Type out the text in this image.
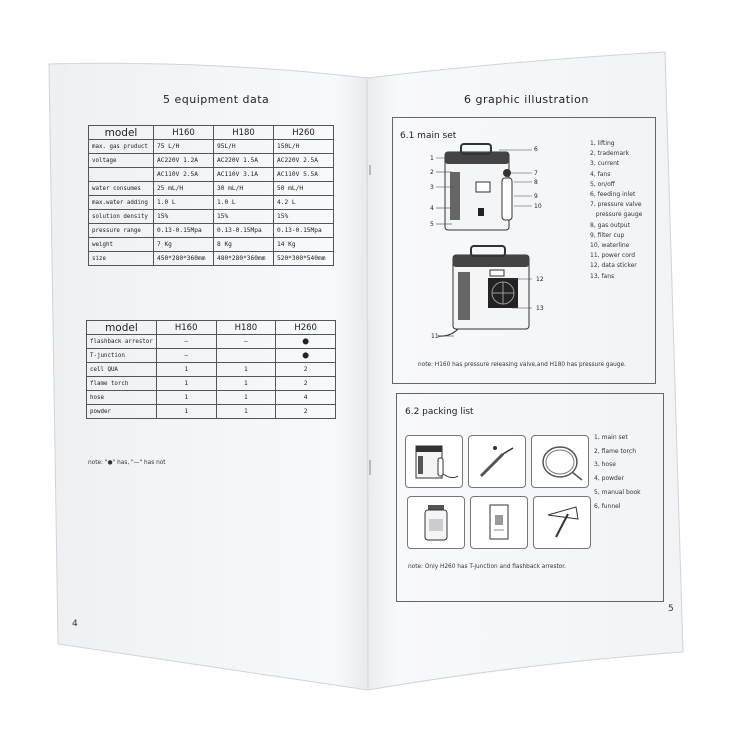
5 equipment data
model	H160	H180	H260
max. gas pruduct	75 L/H	95L/H	150L/H
voltage	AC220V 1.2A	AC220V 1.5A	AC220V 2.5A
	AC110V 2.5A	AC110V 3.1A	AC110V 5.5A
water consumes	25 mL/H	30 mL/H	50 mL/H
max.water adding	1.0 L	1.0 L	4.2 L
solution density	15%	15%	15%
pressure range	0.13-0.15Mpa	0.13-0.15Mpa	0.13-0.15Mpa
weight	7 Kg	8 Kg	14 Kg
size	450*280*360mm	480*280*360mm	520*300*540mm
model	H160	H180	H260
flashback arrestor	—	—	●
T-junction	—		●
cell QUA	1	1	2
flame torch	1	1	2
hose	1	1	4
powder	1	1	2
note: "●" has, "—" has not
4
6 graphic illustration
6.1 main set
1
2
3
4
5
6
7
8
9
10
11
12
13
1, lifting
2, trademark
3, current
4, fans
5, on/off
6, feeding inlet
7, pressure valve
pressure gauge
8, gas output
9, filter cup
10, waterline
11, power cord
12, data sticker
13, fans
note: H160 has pressure releasing valve,and H180 has pressure gauge.
6.2 packing list
1, main set
2, flame torch
3, hose
4, powder
5, manual book
6, funnel
note: Only H260 has T-junction and flashback arrestor.
5
